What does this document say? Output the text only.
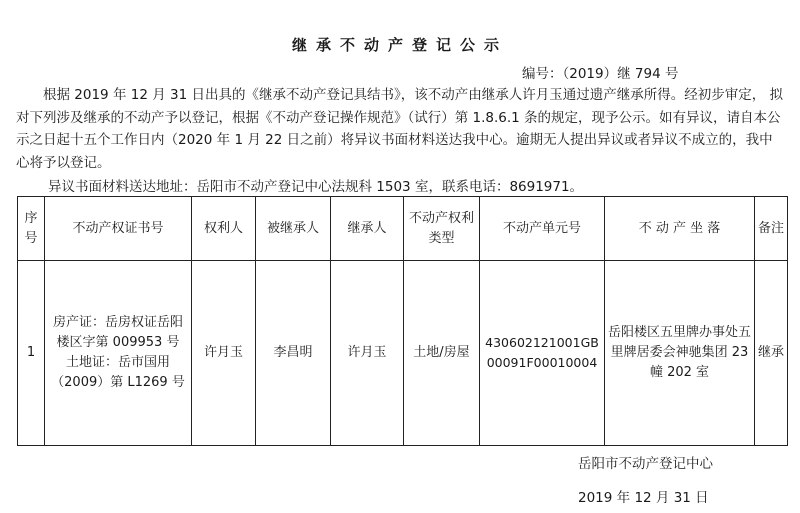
继承不动产登记公示
编号：（2019）继 794 号

根据 2019 年 12 月 31 日出具的《继承不动产登记具结书》，该不动产由继承人许月玉通过遗产继承所得。经初步审定， 拟对下列涉及继承的不动产予以登记，根据《不动产登记操作规范》（试行）第 1.8.6.1 条的规定，现予公示。如有异议，请自本公示之日起十五个工作日内（2020 年 1 月 22 日之前）将异议书面材料送达我中心。逾期无人提出异议或者异议不成立的，我中心将予以登记。

异议书面材料送达地址：岳阳市不动产登记中心法规科 1503 室，联系电话：8691971。
序号	不动产权证书号	权利人	被继承人	继承人	不动产权利类型	不动产单元号	不 动 产 坐 落	备注
1	房产证：岳房权证岳阳楼区字第 009953 号
土地证：岳市国用（2009）第 L1269 号	许月玉	李昌明	许月玉	土地/房屋	430602121001GB00091F00010004	岳阳楼区五里牌办事处五里牌居委会神驰集团 23 幢 202 室	继承
岳阳市不动产登记中心
2019 年 12 月 31 日
